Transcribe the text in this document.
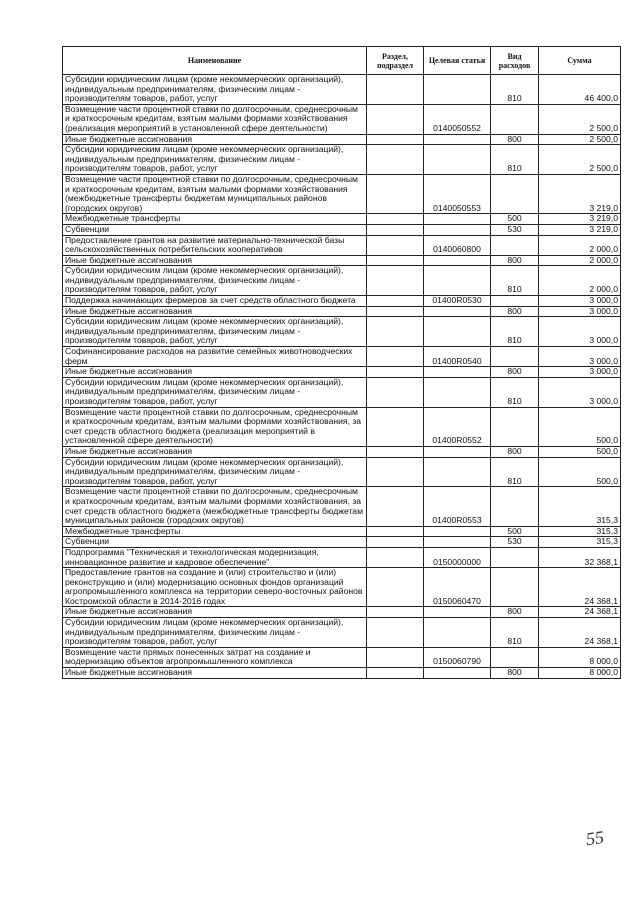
Наименование	Раздел, подраздел	Целевая статья	Вид расходов	Сумма
Субсидии юридическим лицам (кроме некоммерческих организаций), индивидуальным предпринимателям, физическим лицам - производителям товаров, работ, услуг			810	46 400,0
Возмещение части процентной ставки по долгосрочным, среднесрочным и краткосрочным кредитам, взятым малыми формами хозяйствования (реализация мероприятий в установленной сфере деятельности)		0140050552		2 500,0
Иные бюджетные ассигнования			800	2 500,0
Субсидии юридическим лицам (кроме некоммерческих организаций), индивидуальным предпринимателям, физическим лицам - производителям товаров, работ, услуг			810	2 500,0
Возмещение части процентной ставки по долгосрочным, среднесрочным и краткосрочным кредитам, взятым малыми формами хозяйствования (межбюджетные трансферты бюджетам муниципальных районов (городских округов)		0140050553		3 219,0
Межбюджетные трансферты			500	3 219,0
Субвенции			530	3 219,0
Предоставление грантов на развитие материально-технической базы сельскохозяйственных потребительских кооперативов		0140060800		2 000,0
Иные бюджетные ассигнования			800	2 000,0
Субсидии юридическим лицам (кроме некоммерческих организаций), индивидуальным предпринимателям, физическим лицам - производителям товаров, работ, услуг			810	2 000,0
Поддержка начинающих фермеров за счет средств областного бюджета		01400R0530		3 000,0
Иные бюджетные ассигнования			800	3 000,0
Субсидии юридическим лицам (кроме некоммерческих организаций), индивидуальным предпринимателям, физическим лицам - производителям товаров, работ, услуг			810	3 000,0
Софинансирование расходов на развитие семейных животноводческих ферм		01400R0540		3 000,0
Иные бюджетные ассигнования			800	3 000,0
Субсидии юридическим лицам (кроме некоммерческих организаций), индивидуальным предпринимателям, физическим лицам - производителям товаров, работ, услуг			810	3 000,0
Возмещение части процентной ставки по долгосрочным, среднесрочным и краткосрочным кредитам, взятым малыми формами хозяйствования, за счет средств областного бюджета (реализация мероприятий в установленной сфере деятельности)		01400R0552		500,0
Иные бюджетные ассигнования			800	500,0
Субсидии юридическим лицам (кроме некоммерческих организаций), индивидуальным предпринимателям, физическим лицам - производителям товаров, работ, услуг			810	500,0
Возмещение части процентной ставки по долгосрочным, среднесрочным и краткосрочным кредитам, взятым малыми формами хозяйствования, за счет средств областного бюджета (межбюджетные трансферты бюджетам муниципальных районов (городских округов)		01400R0553		315,3
Межбюджетные трансферты			500	315,3
Субвенции			530	315,3
Подпрограмма "Техническая и технологическая модернизация, инновационное развитие и кадровое обеспечение"		0150000000		32 368,1
Предоставление грантов на создание и (или) строительство и (или) реконструкцию и (или) модернизацию основных фондов организаций агропромышленного комплекса на территории северо-восточных районов Костромской области в 2014-2016 годах		0150060470		24 368,1
Иные бюджетные ассигнования			800	24 368,1
Субсидии юридическим лицам (кроме некоммерческих организаций), индивидуальным предпринимателям, физическим лицам - производителям товаров, работ, услуг			810	24 368,1
Возмещение части прямых понесенных затрат на создание и модернизацию объектов агропромышленного комплекса		0150060790		8 000,0
Иные бюджетные ассигнования			800	8 000,0
55
